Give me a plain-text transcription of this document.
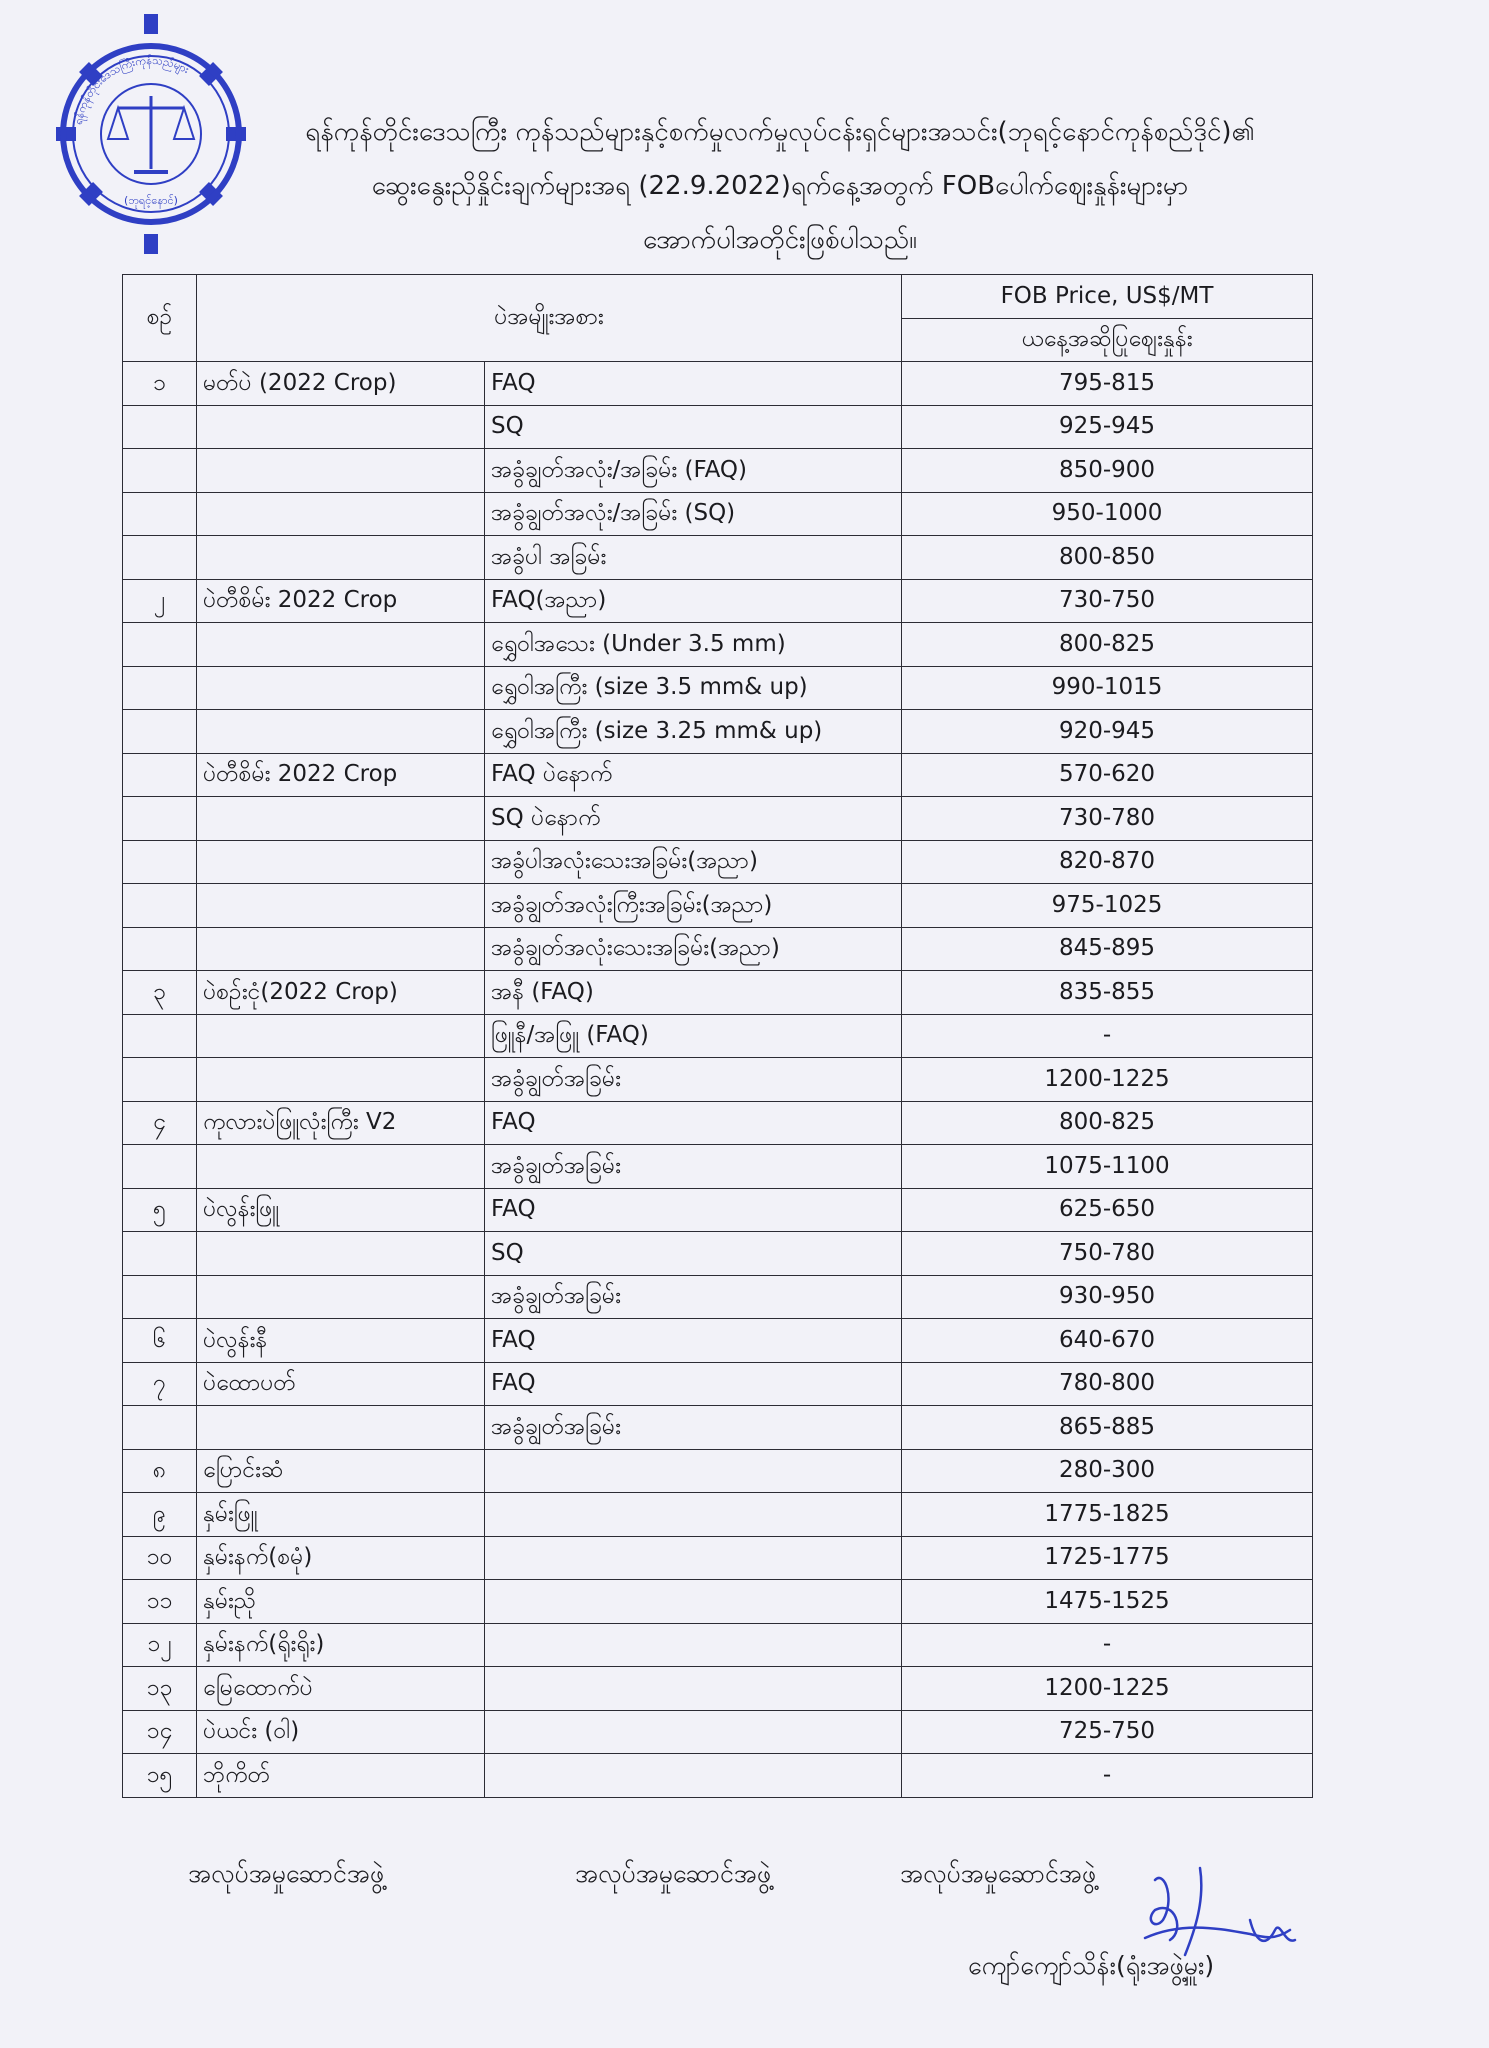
ရန်ကုန်တိုင်းဒေသကြီးကုန်သည်များ
(ဘုရင့်နောင်)
ရန်ကုန်တိုင်းဒေသကြီး ကုန်သည်များနှင့်စက်မှုလက်မှုလုပ်ငန်းရှင်များအသင်း(ဘုရင့်နောင်ကုန်စည်ဒိုင်)၏
ဆွေးနွေးညှိနှိုင်းချက်များအရ (22.9.2022)ရက်နေ့အတွက် FOBပေါက်ဈေးနှုန်းများမှာ
အောက်ပါအတိုင်းဖြစ်ပါသည်။
စဉ်	ပဲအမျိုးအစား		FOB Price, US$/MT
			ယနေ့အဆိုပြုဈေးနှုန်း
၁	မတ်ပဲ (2022 Crop)	FAQ	795-815
		SQ	925-945
		အခွံချွတ်အလုံး/အခြမ်း (FAQ)	850-900
		အခွံချွတ်အလုံး/အခြမ်း (SQ)	950-1000
		အခွံပါ အခြမ်း	800-850
၂	ပဲတီစိမ်း 2022 Crop	FAQ(အညာ)	730-750
		ရွှေဝါအသေး (Under 3.5 mm)	800-825
		ရွှေဝါအကြီး (size 3.5 mm& up)	990-1015
		ရွှေဝါအကြီး (size 3.25 mm& up)	920-945
	ပဲတီစိမ်း 2022 Crop	FAQ ပဲနောက်	570-620
		SQ ပဲနောက်	730-780
		အခွံပါအလုံးသေးအခြမ်း(အညာ)	820-870
		အခွံချွတ်အလုံးကြီးအခြမ်း(အညာ)	975-1025
		အခွံချွတ်အလုံးသေးအခြမ်း(အညာ)	845-895
၃	ပဲစဉ်းငုံ(2022 Crop)	အနီ (FAQ)	835-855
		ဖြူနီ/အဖြူ (FAQ)	-
		အခွံချွတ်အခြမ်း	1200-1225
၄	ကုလားပဲဖြူလုံးကြီး V2	FAQ	800-825
		အခွံချွတ်အခြမ်း	1075-1100
၅	ပဲလွန်းဖြူ	FAQ	625-650
		SQ	750-780
		အခွံချွတ်အခြမ်း	930-950
၆	ပဲလွန်းနီ	FAQ	640-670
၇	ပဲထောပတ်	FAQ	780-800
		အခွံချွတ်အခြမ်း	865-885
၈	ပြောင်းဆံ		280-300
၉	နှမ်းဖြူ		1775-1825
၁၀	နှမ်းနက်(စမုံ)		1725-1775
၁၁	နှမ်းညို		1475-1525
၁၂	နှမ်းနက်(ရိုးရိုး)		-
၁၃	မြေထောက်ပဲ		1200-1225
၁၄	ပဲယင်း (ဝါ)		725-750
၁၅	ဘိုကိတ်		-
အလုပ်အမှုဆောင်အဖွဲ့	အလုပ်အမှုဆောင်အဖွဲ့	အလုပ်အမှုဆောင်အဖွဲ့
ကျော်ကျော်သိန်း(ရုံးအဖွဲ့မှူး)
